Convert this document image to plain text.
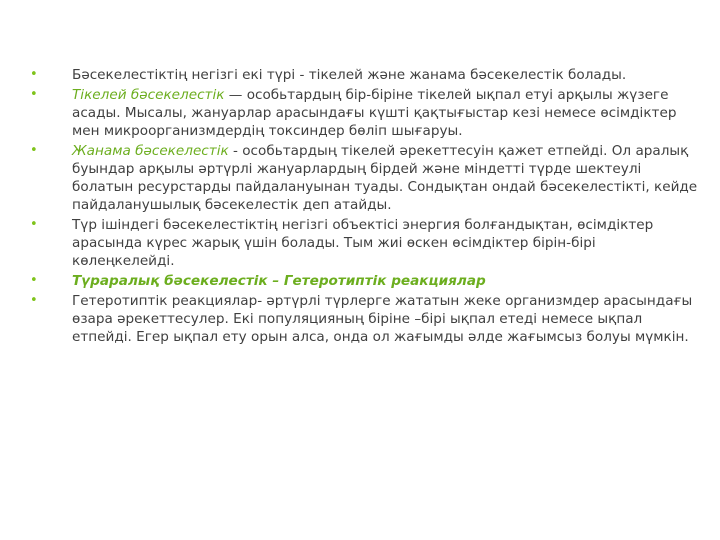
•	Бәсекелестіктің негізгі екі түрі - тікелей және жанама бәсекелестік болады.
•	Тікелей бәсекелестік — особьтардың бір-біріне тікелей ықпал етуі арқылы жүзеге асады. Мысалы, жануарлар арасындағы күшті қақтығыстар кезі немесе өсімдіктер мен микроорганизмдердің токсиндер бөліп шығаруы.
•	Жанама бәсекелестік - особьтардың тікелей әрекеттесуін қажет етпейді. Ол аралық буындар арқылы әртүрлі жануарлардың бірдей және міндетті түрде шектеулі болатын ресурстарды пайдалануынан туады. Сондықтан ондай бәсекелестікті, кейде пайдаланушылық бәсекелестік деп атайды.
•	Түр ішіндегі бәсекелестіктің негізгі объектісі энергия болғандықтан, өсімдіктер арасында күрес жарық үшін болады. Тым жиі өскен өсімдіктер бірін-бірі көлеңкелейді.
•	Түраралық бәсекелестік – Гетеротиптік реакциялар
•	Гетеротиптік реакциялар- әртүрлі түрлерге жататын жеке организмдер арасындағы өзара әрекеттесулер. Екі популяцияның біріне –бірі ықпал етеді немесе ықпал етпейді. Егер ықпал ету орын алса, онда ол жағымды әлде жағымсыз болуы мүмкін.
